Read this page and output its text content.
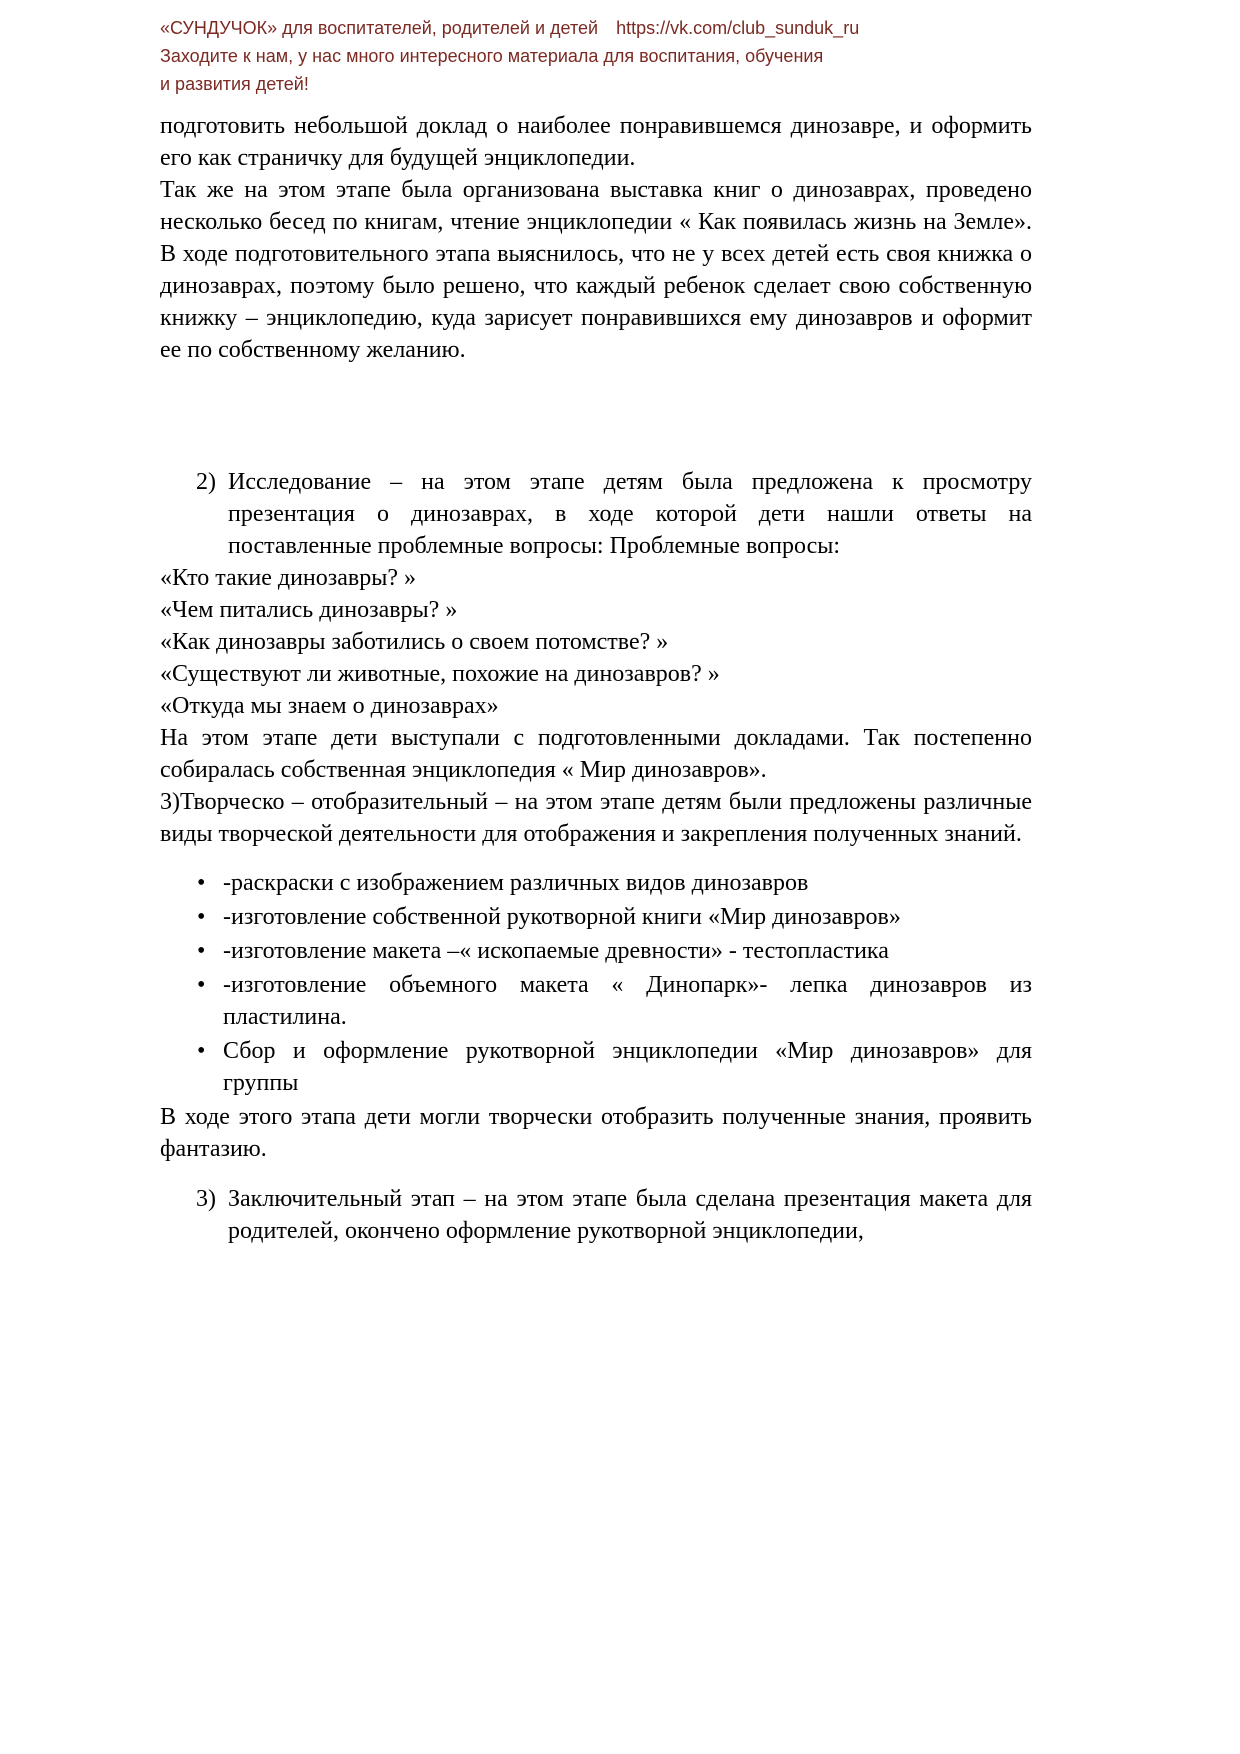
«СУНДУЧОК» для воспитателей, родителей и детей https://vk.com/club_sunduk_ru
Заходите к нам, у нас много интересного материала для воспитания, обучения
и развития детей!

подготовить небольшой доклад о наиболее понравившемся динозавре, и оформить его как страничку для будущей энциклопедии.

Так же на этом этапе была организована выставка книг о динозаврах, проведено несколько бесед по книгам, чтение энциклопедии « Как появилась жизнь на Земле». В ходе подготовительного этапа выяснилось, что не у всех детей есть своя книжка о динозаврах, поэтому было решено, что каждый ребенок сделает свою собственную книжку – энциклопедию, куда зарисует понравившихся ему динозавров и оформит ее по собственному желанию.

2) Исследование – на этом этапе детям была предложена к просмотру презентация о динозаврах, в ходе которой дети нашли ответы на поставленные проблемные вопросы: Проблемные вопросы:

«Кто такие динозавры? »

«Чем питались динозавры? »

«Как динозавры заботились о своем потомстве? »

«Существуют ли животные, похожие на динозавров? »

«Откуда мы знаем о динозаврах»

На этом этапе дети выступали с подготовленными докладами. Так постепенно собиралась собственная энциклопедия « Мир динозавров».

3)Творческо – отобразительный – на этом этапе детям были предложены различные виды творческой деятельности для отображения и закрепления полученных знаний.

•
-раскраски с изображением различных видов динозавров
•
-изготовление собственной рукотворной книги «Мир динозавров»
•
-изготовление макета –« ископаемые древности» - тестопластика
•
-изготовление объемного макета « Динопарк»- лепка динозавров из пластилина.
•
Сбор и оформление рукотворной энциклопедии «Мир динозавров» для группы

В ходе этого этапа дети могли творчески отобразить полученные знания, проявить фантазию.

3) Заключительный этап – на этом этапе была сделана презентация макета для родителей, окончено оформление рукотворной энциклопедии,
